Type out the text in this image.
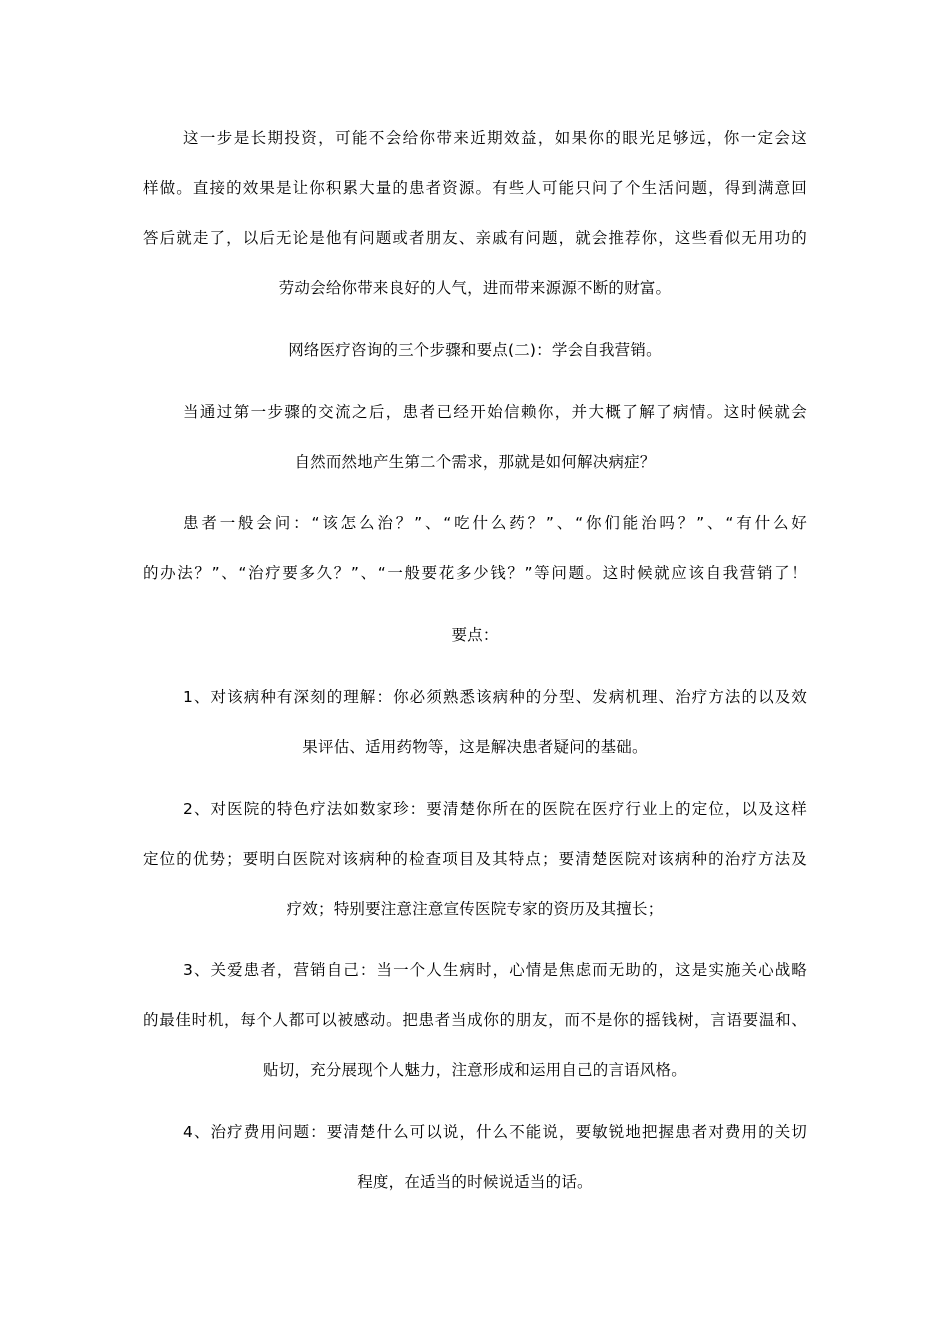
这一步是长期投资，可能不会给你带来近期效益，如果你的眼光足够远，你一定会这
样做。直接的效果是让你积累大量的患者资源。有些人可能只问了个生活问题，得到满意回
答后就走了，以后无论是他有问题或者朋友、亲戚有问题，就会推荐你，这些看似无用功的
劳动会给你带来良好的人气，进而带来源源不断的财富。
网络医疗咨询的三个步骤和要点(二)：学会自我营销。
当通过第一步骤的交流之后，患者已经开始信赖你，并大概了解了病情。这时候就会
自然而然地产生第二个需求，那就是如何解决病症？
患者一般会问：“该怎么治？”、“吃什么药？”、“你们能治吗？”、“有什么好
的办法？”、“治疗要多久？”、“一般要花多少钱？”等问题。这时候就应该自我营销了！
要点：
1、对该病种有深刻的理解：你必须熟悉该病种的分型、发病机理、治疗方法的以及效
果评估、适用药物等，这是解决患者疑问的基础。
2、对医院的特色疗法如数家珍：要清楚你所在的医院在医疗行业上的定位，以及这样
定位的优势；要明白医院对该病种的检查项目及其特点；要清楚医院对该病种的治疗方法及
疗效；特别要注意注意宣传医院专家的资历及其擅长；
3、关爱患者，营销自己：当一个人生病时，心情是焦虑而无助的，这是实施关心战略
的最佳时机，每个人都可以被感动。把患者当成你的朋友，而不是你的摇钱树，言语要温和、
贴切，充分展现个人魅力，注意形成和运用自己的言语风格。
4、治疗费用问题：要清楚什么可以说，什么不能说，要敏锐地把握患者对费用的关切
程度，在适当的时候说适当的话。
